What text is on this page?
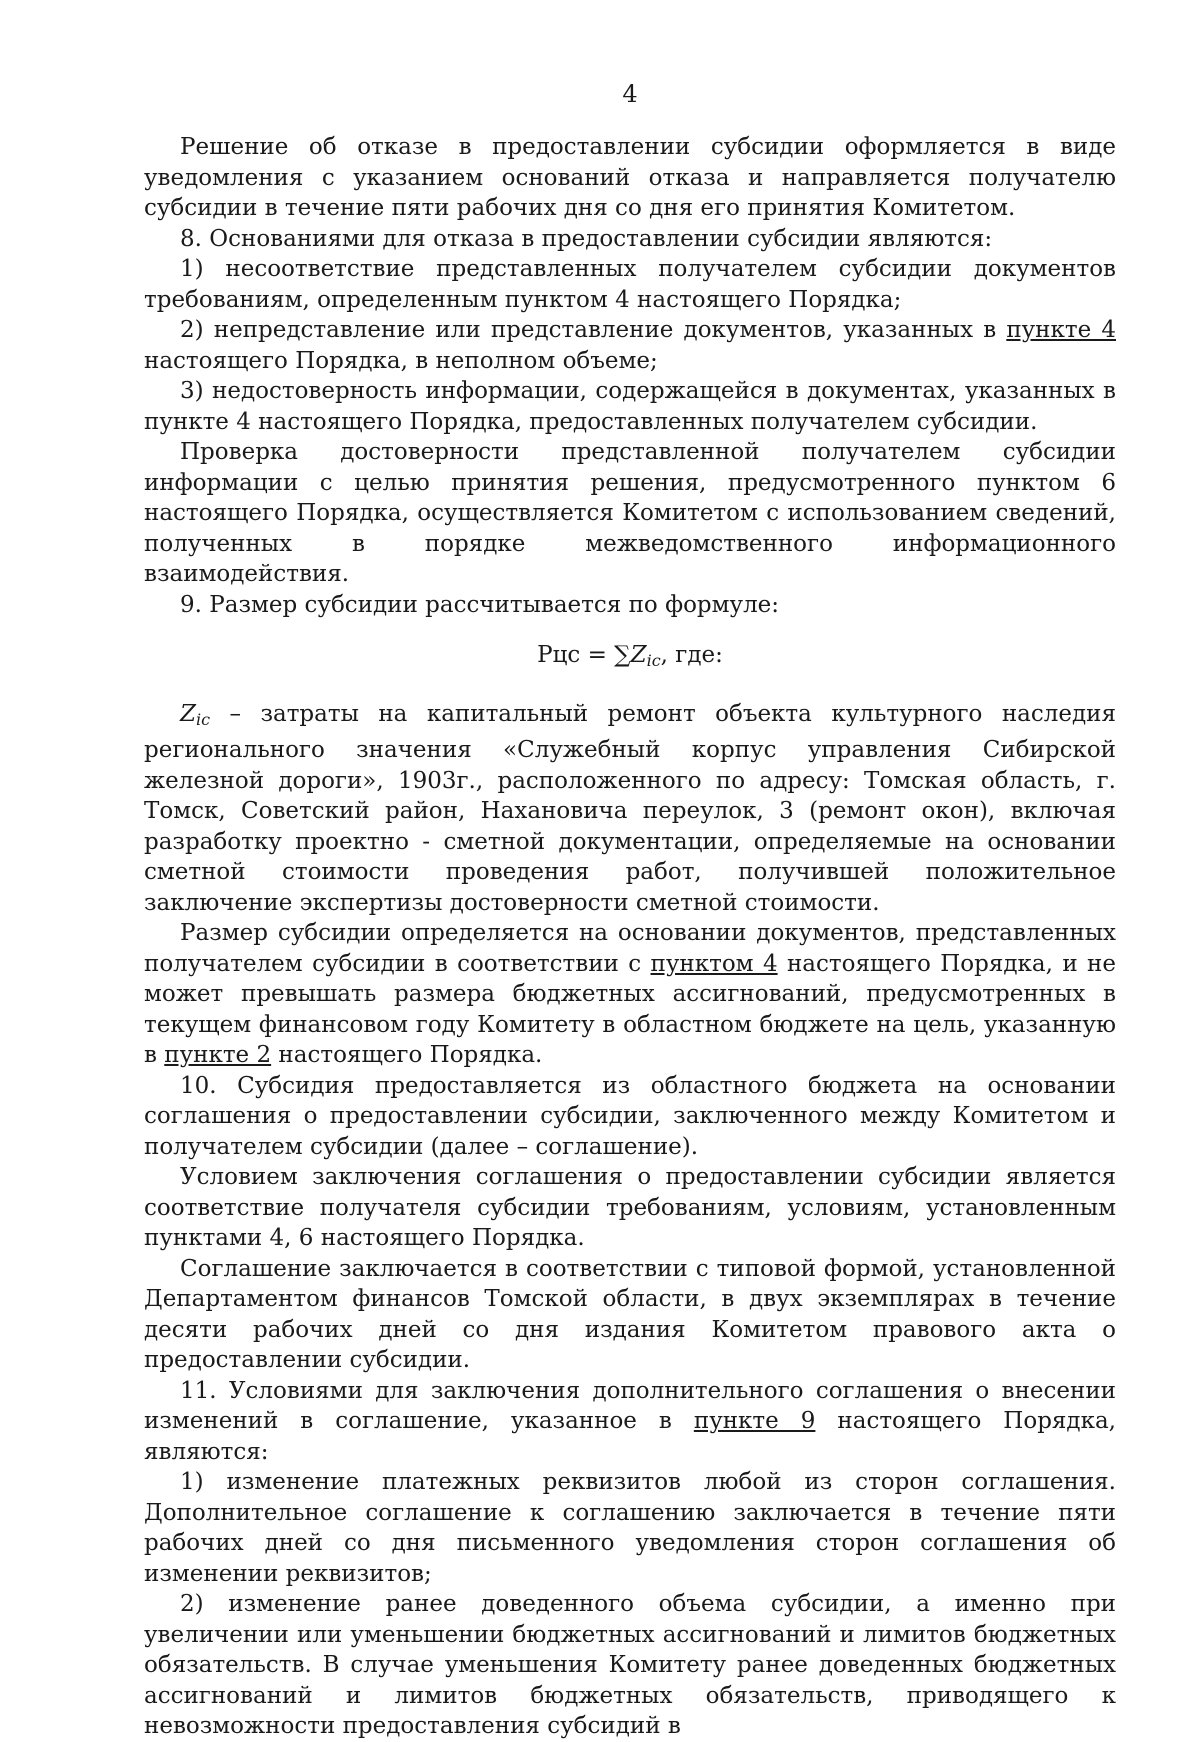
4

Решение об отказе в предоставлении субсидии оформляется в виде уведомления с указанием оснований отказа и направляется получателю субсидии в течение пяти рабочих дня со дня его принятия Комитетом.

8. Основаниями для отказа в предоставлении субсидии являются:

1) несоответствие представленных получателем субсидии документов требованиям, определенным пунктом 4 настоящего Порядка;

2) непредставление или представление документов, указанных в пункте 4 настоящего Порядка, в неполном объеме;

3) недостоверность информации, содержащейся в документах, указанных в пункте 4 настоящего Порядка, предоставленных получателем субсидии.

Проверка достоверности представленной получателем субсидии информации с целью принятия решения, предусмотренного пунктом 6 настоящего Порядка, осуществляется Комитетом с использованием сведений, полученных в порядке межведомственного информационного взаимодействия.

9. Размер субсидии рассчитывается по формуле:

Рцс = $\sum Z_{ic}$, где:

$Z_{ic}$ – затраты на капитальный ремонт объекта культурного наследия регионального значения «Служебный корпус управления Сибирской железной дороги», 1903г., расположенного по адресу: Томская область, г. Томск, Советский район, Нахановича переулок, 3 (ремонт окон), включая разработку проектно - сметной документации, определяемые на основании сметной стоимости проведения работ, получившей положительное заключение экспертизы достоверности сметной стоимости.

Размер субсидии определяется на основании документов, представленных получателем субсидии в соответствии с пунктом 4 настоящего Порядка, и не может превышать размера бюджетных ассигнований, предусмотренных в текущем финансовом году Комитету в областном бюджете на цель, указанную в пункте 2 настоящего Порядка.

10. Субсидия предоставляется из областного бюджета на основании соглашения о предоставлении субсидии, заключенного между Комитетом и получателем субсидии (далее – соглашение).

Условием заключения соглашения о предоставлении субсидии является соответствие получателя субсидии требованиям, условиям, установленным пунктами 4, 6 настоящего Порядка.

Соглашение заключается в соответствии с типовой формой, установленной Департаментом финансов Томской области, в двух экземплярах в течение десяти рабочих дней со дня издания Комитетом правового акта о предоставлении субсидии.

11. Условиями для заключения дополнительного соглашения о внесении изменений в соглашение, указанное в пункте 9 настоящего Порядка, являются:

1) изменение платежных реквизитов любой из сторон соглашения. Дополнительное соглашение к соглашению заключается в течение пяти рабочих дней со дня письменного уведомления сторон соглашения об изменении реквизитов;

2) изменение ранее доведенного объема субсидии, а именно при увеличении или уменьшении бюджетных ассигнований и лимитов бюджетных обязательств. В случае уменьшения Комитету ранее доведенных бюджетных ассигнований и лимитов бюджетных обязательств, приводящего к невозможности предоставления субсидий в
